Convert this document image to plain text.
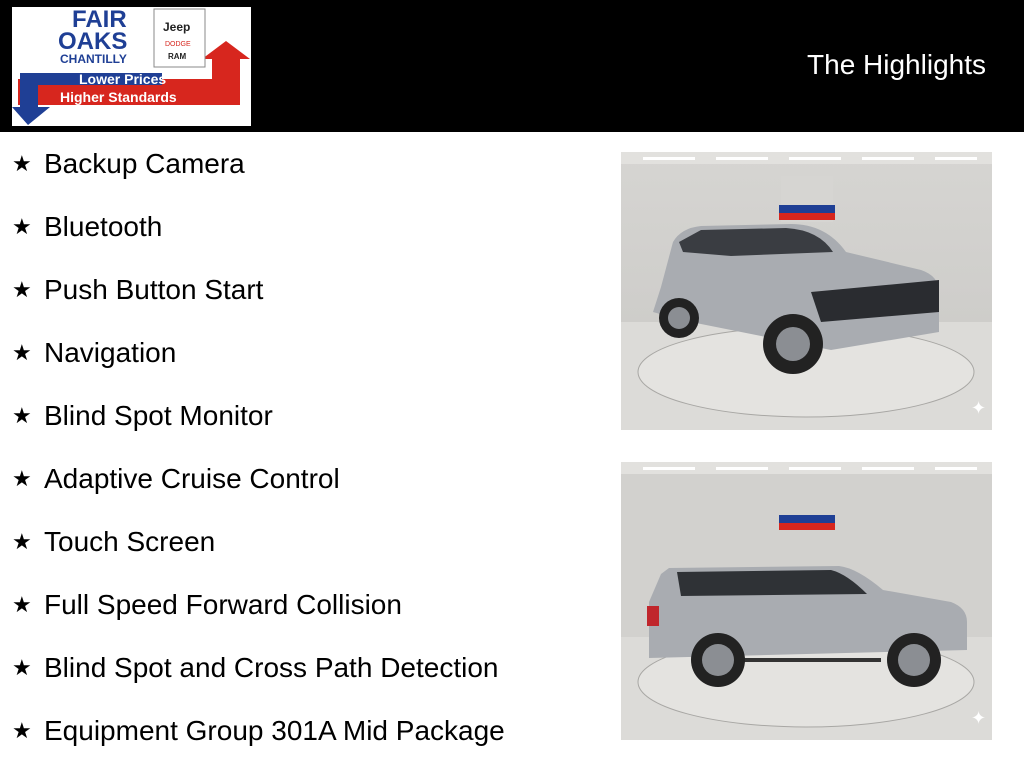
FAIR
OAKS
CHANTILLY
Jeep
DODGE
RAM
Lower Prices
Higher Standards
The Highlights
★ Backup Camera
★ Bluetooth
★ Push Button Start
★ Navigation
★ Blind Spot Monitor
★ Adaptive Cruise Control
★ Touch Screen
★ Full Speed Forward Collision
★ Blind Spot and Cross Path Detection
★ Equipment Group 301A Mid Package
✦
✦
